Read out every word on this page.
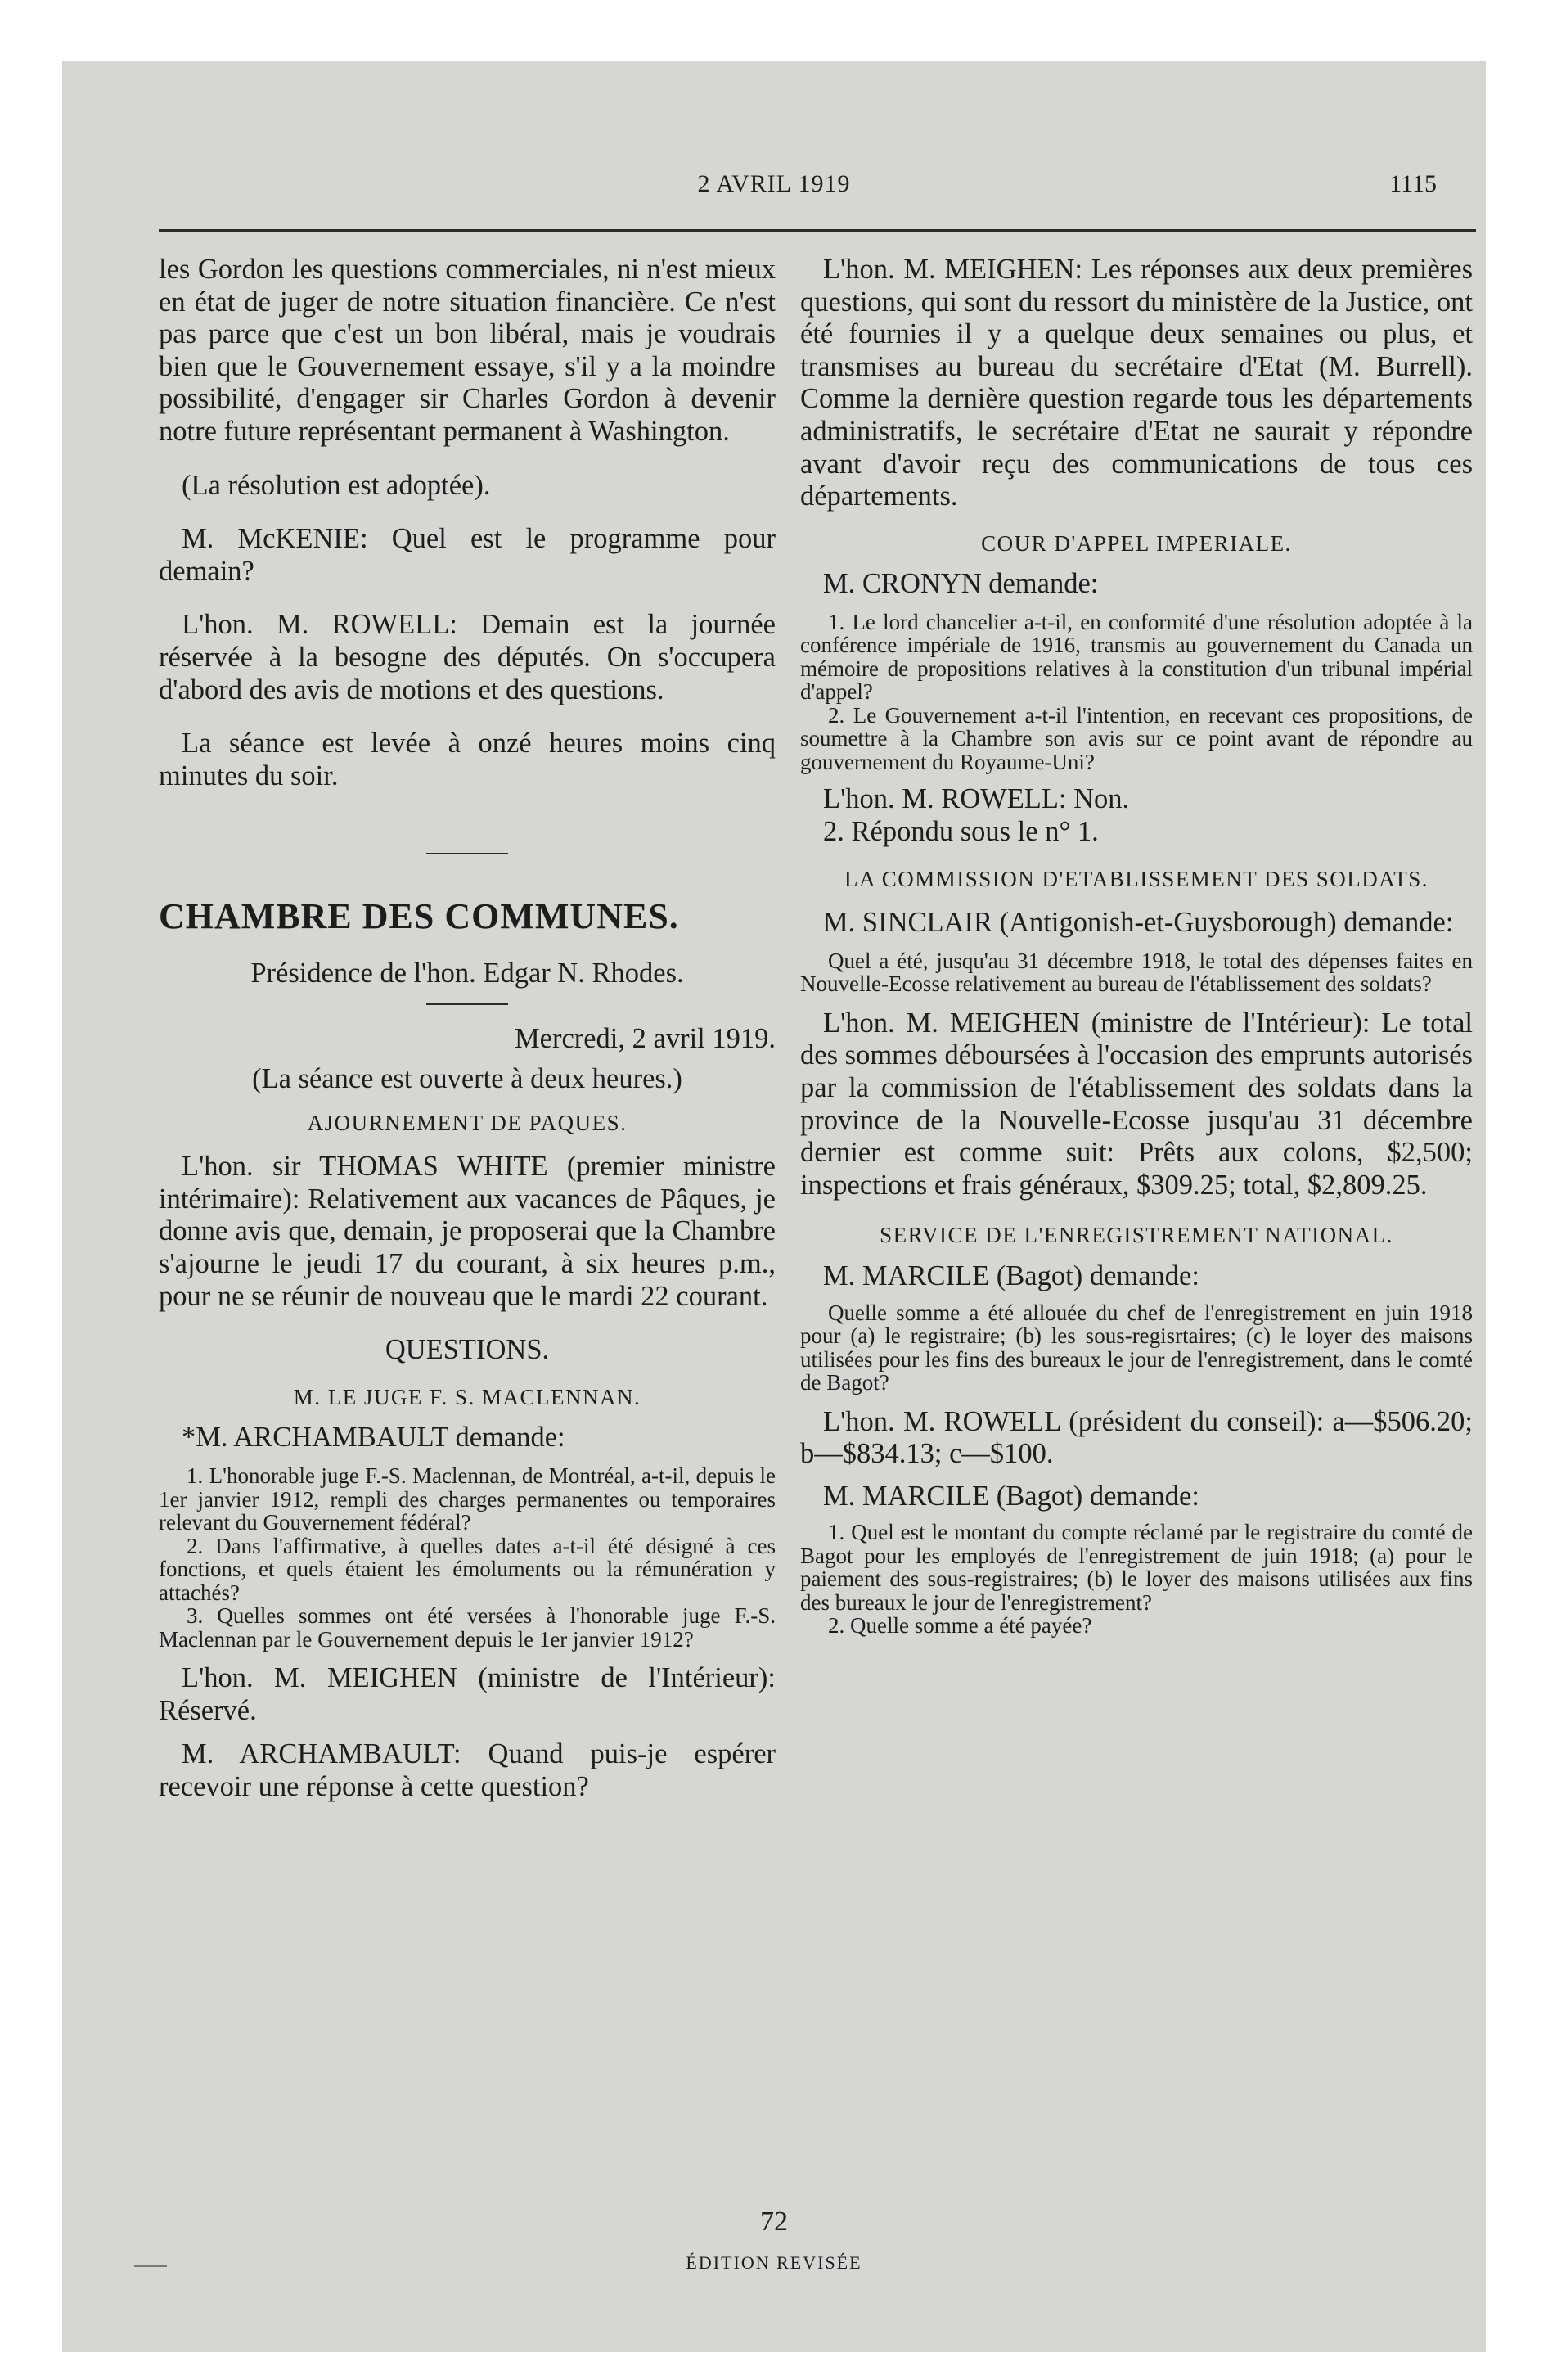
2 AVRIL 1919	1115

les Gordon les questions commerciales, ni n'est mieux en état de juger de notre situation financière. Ce n'est pas parce que c'est un bon libéral, mais je voudrais bien que le Gouvernement essaye, s'il y a la moindre possibilité, d'engager sir Charles Gordon à devenir notre future représentant permanent à Washington.

(La résolution est adoptée).

M. McKENIE: Quel est le programme pour demain?

L'hon. M. ROWELL: Demain est la journée réservée à la besogne des députés. On s'occupera d'abord des avis de motions et des questions.

La séance est levée à onzé heures moins cinq minutes du soir.

CHAMBRE DES COMMUNES.

Présidence de l'hon. Edgar N. Rhodes.

Mercredi, 2 avril 1919.

(La séance est ouverte à deux heures.)

AJOURNEMENT DE PAQUES.

L'hon. sir THOMAS WHITE (premier ministre intérimaire): Relativement aux vacances de Pâques, je donne avis que, demain, je proposerai que la Chambre s'ajourne le jeudi 17 du courant, à six heures p.m., pour ne se réunir de nouveau que le mardi 22 courant.

QUESTIONS.

M. LE JUGE F. S. MACLENNAN.

*M. ARCHAMBAULT demande:

1. L'honorable juge F.-S. Maclennan, de Montréal, a-t-il, depuis le 1er janvier 1912, rempli des charges permanentes ou temporaires relevant du Gouvernement fédéral?

2. Dans l'affirmative, à quelles dates a-t-il été désigné à ces fonctions, et quels étaient les émoluments ou la rémunération y attachés?

3. Quelles sommes ont été versées à l'honorable juge F.-S. Maclennan par le Gouvernement depuis le 1er janvier 1912?

L'hon. M. MEIGHEN (ministre de l'Intérieur): Réservé.

M. ARCHAMBAULT: Quand puis-je espérer recevoir une réponse à cette question?

L'hon. M. MEIGHEN: Les réponses aux deux premières questions, qui sont du ressort du ministère de la Justice, ont été fournies il y a quelque deux semaines ou plus, et transmises au bureau du secrétaire d'Etat (M. Burrell). Comme la dernière question regarde tous les départements administratifs, le secrétaire d'Etat ne saurait y répondre avant d'avoir reçu des communications de tous ces départements.

COUR D'APPEL IMPERIALE.

M. CRONYN demande:

1. Le lord chancelier a-t-il, en conformité d'une résolution adoptée à la conférence impériale de 1916, transmis au gouvernement du Canada un mémoire de propositions relatives à la constitution d'un tribunal impérial d'appel?

2. Le Gouvernement a-t-il l'intention, en recevant ces propositions, de soumettre à la Chambre son avis sur ce point avant de répondre au gouvernement du Royaume-Uni?

L'hon. M. ROWELL: Non.

2. Répondu sous le n° 1.

LA COMMISSION D'ETABLISSEMENT DES SOLDATS.

M. SINCLAIR (Antigonish-et-Guysborough) demande:

Quel a été, jusqu'au 31 décembre 1918, le total des dépenses faites en Nouvelle-Ecosse relativement au bureau de l'établissement des soldats?

L'hon. M. MEIGHEN (ministre de l'Intérieur): Le total des sommes déboursées à l'occasion des emprunts autorisés par la commission de l'établissement des soldats dans la province de la Nouvelle-Ecosse jusqu'au 31 décembre dernier est comme suit: Prêts aux colons, $2,500; inspections et frais généraux, $309.25; total, $2,809.25.

SERVICE DE L'ENREGISTREMENT NATIONAL.

M. MARCILE (Bagot) demande:

Quelle somme a été allouée du chef de l'enregistrement en juin 1918 pour (a) le registraire; (b) les sous-regisrtaires; (c) le loyer des maisons utilisées pour les fins des bureaux le jour de l'enregistrement, dans le comté de Bagot?

L'hon. M. ROWELL (président du conseil): a—$506.20; b—$834.13; c—$100.

M. MARCILE (Bagot) demande:

1. Quel est le montant du compte réclamé par le registraire du comté de Bagot pour les employés de l'enregistrement de juin 1918; (a) pour le paiement des sous-registraires; (b) le loyer des maisons utilisées aux fins des bureaux le jour de l'enregistrement?

2. Quelle somme a été payée?

72
ÉDITION REVISÉE
